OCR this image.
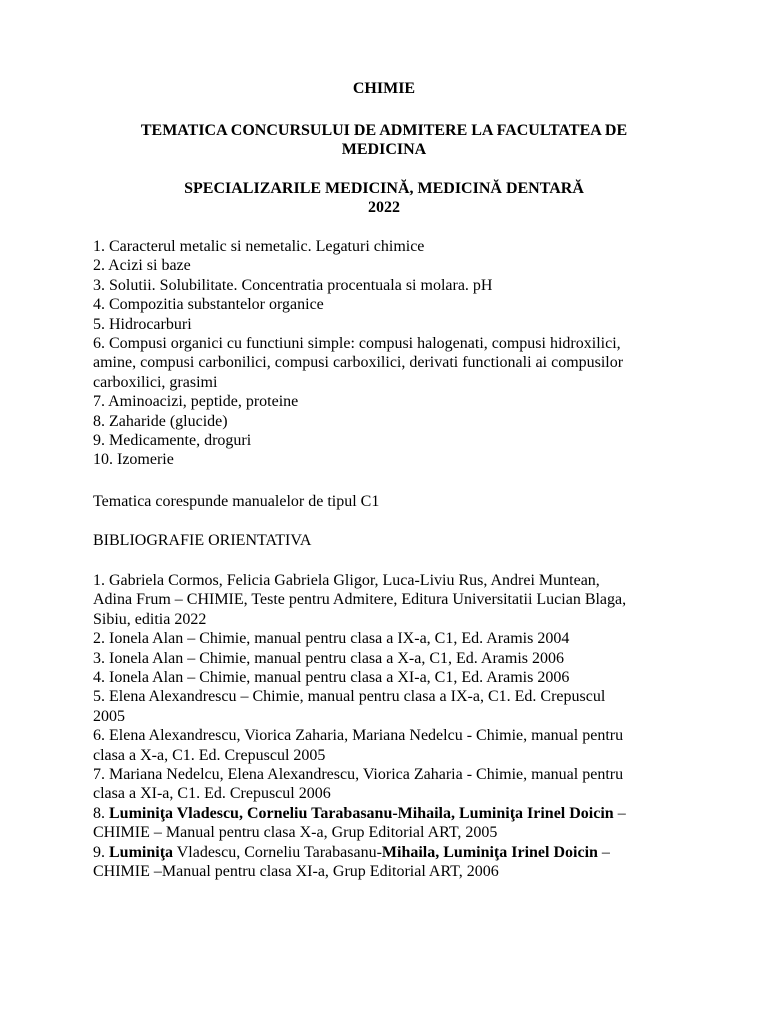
CHIMIE

TEMATICA CONCURSULUI DE ADMITERE LA FACULTATEA DE
MEDICINA
SPECIALIZARILE MEDICINĂ, MEDICINĂ DENTARĂ
2022
1. Caracterul metalic si nemetalic. Legaturi chimice
2. Acizi si baze
3. Solutii. Solubilitate. Concentratia procentuala si molara. pH
4. Compozitia substantelor organice
5. Hidrocarburi
6. Compusi organici cu functiuni simple: compusi halogenati, compusi hidroxilici,
amine, compusi carbonilici, compusi carboxilici, derivati functionali ai compusilor
carboxilici, grasimi
7. Aminoacizi, peptide, proteine
8. Zaharide (glucide)
9. Medicamente, droguri
10. Izomerie

Tematica corespunde manualelor de tipul C1

BIBLIOGRAFIE ORIENTATIVA

1. Gabriela Cormos, Felicia Gabriela Gligor, Luca-Liviu Rus, Andrei Muntean,
Adina Frum – CHIMIE, Teste pentru Admitere, Editura Universitatii Lucian Blaga,
Sibiu, editia 2022
2. Ionela Alan – Chimie, manual pentru clasa a IX-a, C1, Ed. Aramis 2004
3. Ionela Alan – Chimie, manual pentru clasa a X-a, C1, Ed. Aramis 2006
4. Ionela Alan – Chimie, manual pentru clasa a XI-a, C1, Ed. Aramis 2006
5. Elena Alexandrescu – Chimie, manual pentru clasa a IX-a, C1. Ed. Crepuscul
2005
6. Elena Alexandrescu, Viorica Zaharia, Mariana Nedelcu - Chimie, manual pentru
clasa a X-a, C1. Ed. Crepuscul 2005
7. Mariana Nedelcu, Elena Alexandrescu, Viorica Zaharia - Chimie, manual pentru
clasa a XI-a, C1. Ed. Crepuscul 2006
8. Luminiţa Vladescu, Corneliu Tarabasanu-Mihaila, Luminiţa Irinel Doicin –
CHIMIE – Manual pentru clasa X-a, Grup Editorial ART, 2005
9. Luminiţa Vladescu, Corneliu Tarabasanu-Mihaila, Luminiţa Irinel Doicin –
CHIMIE –Manual pentru clasa XI-a, Grup Editorial ART, 2006
